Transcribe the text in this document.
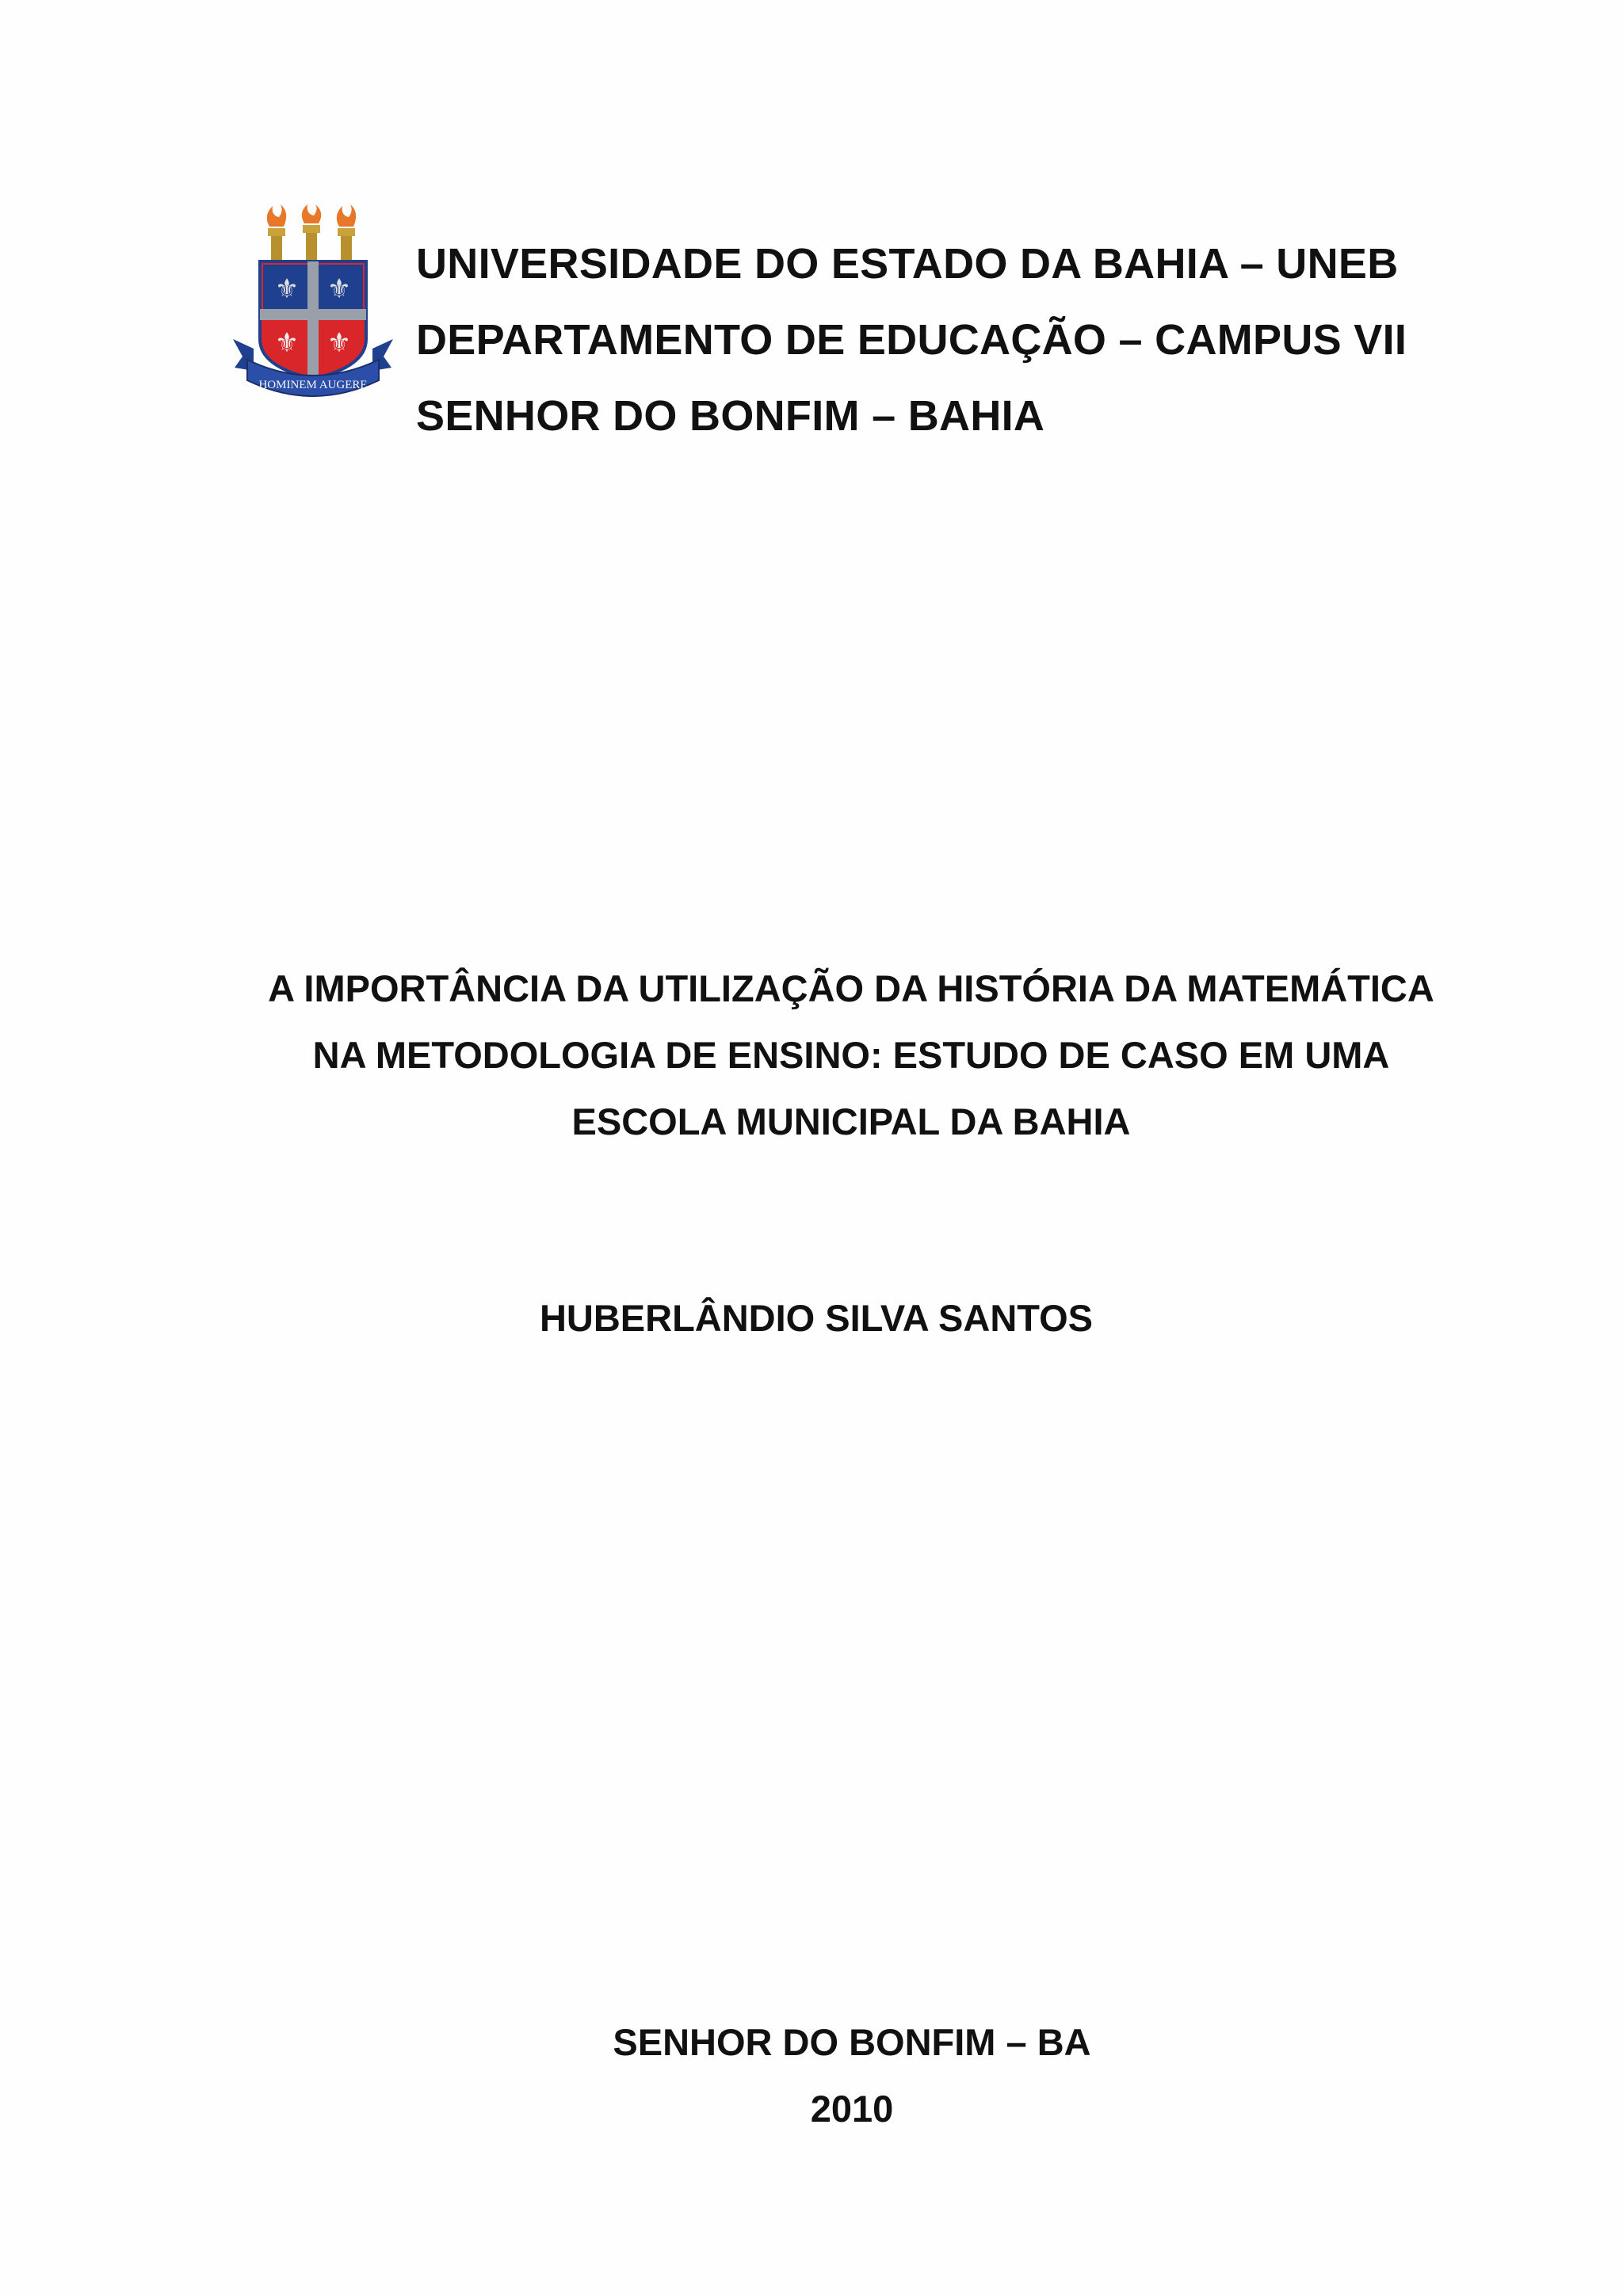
⚜ ⚜
⚜ ⚜
HOMINEM AUGERE
UNIVERSIDADE DO ESTADO DA BAHIA – UNEB
DEPARTAMENTO DE EDUCAÇÃO – CAMPUS VII
SENHOR DO BONFIM – BAHIA
A IMPORTÂNCIA DA UTILIZAÇÃO DA HISTÓRIA DA MATEMÁTICA
NA METODOLOGIA DE ENSINO: ESTUDO DE CASO EM UMA
ESCOLA MUNICIPAL DA BAHIA
HUBERLÂNDIO SILVA SANTOS
SENHOR DO BONFIM – BA
2010
